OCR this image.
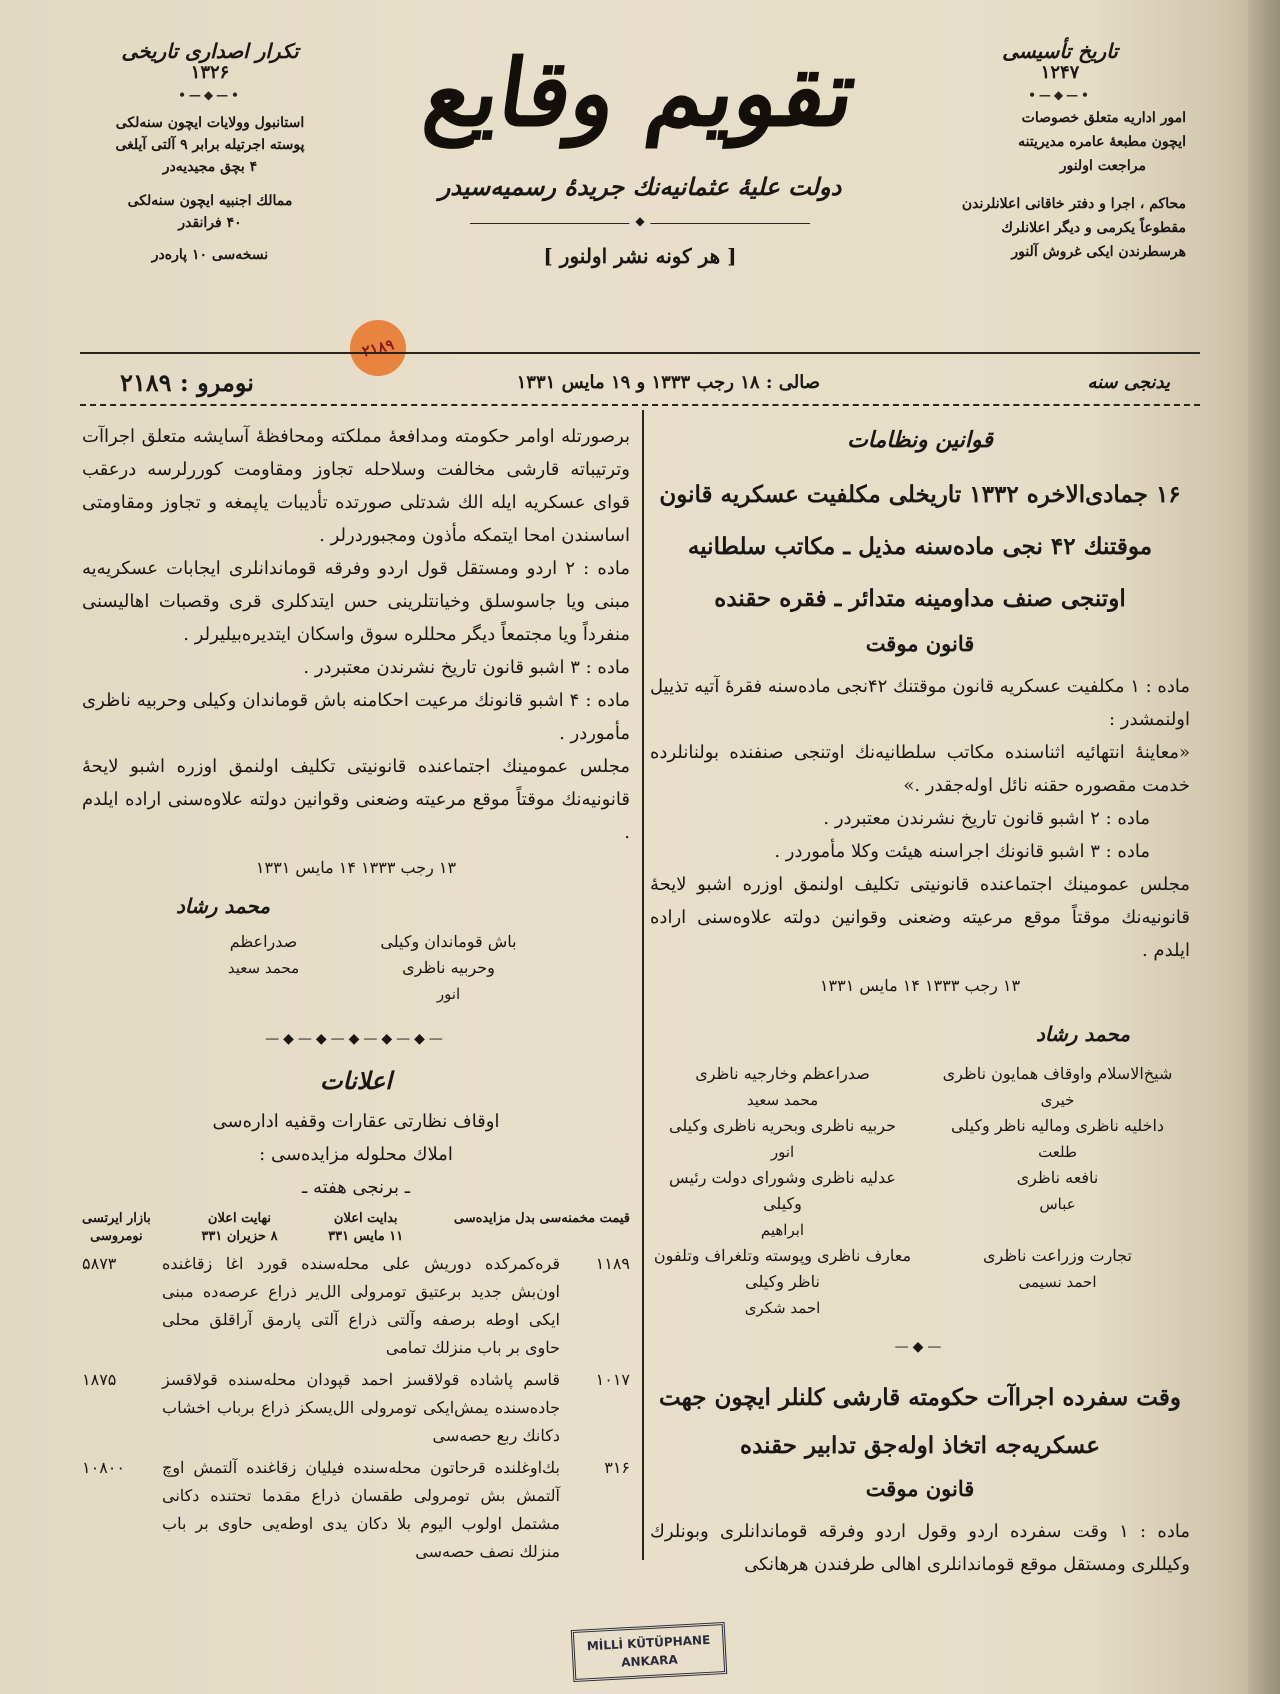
تاریخ تأسیسی
۱۲۴۷
•—◆—•
امور اداریه متعلق خصوصات
ایچون مطبعهٔ عامره مدیریتنه
مراجعت اولنور
محاکم ، اجرا و دفتر خاقانی اعلانلرندن
مقطوعاً یکرمی و دیگر اعلانلرك
هرسطرندن ایکی غروش آلنور
تقویم وقایع
دولت علیهٔ عثمانیه‌نك جریدهٔ رسمیه‌سیدر
◆
[ هر کونه نشر اولنور ]
تکرار اصداری تاریخی
۱۳۲۶
•—◆—•
استانبول وولایات ایچون سنه‌لکی
پوسته اجرتیله برابر ۹ آلتی آیلغی
۴ بچق مجیدیه‌در
ممالك اجنبیه ایچون سنه‌لکی
۴۰ فرانقدر
نسخه‌سی ۱۰ پاره‌در
۲۱۸۹
یدنجی سنه
صالی : ۱۸ رجب ۱۳۳۳ و ۱۹ مایس ۱۳۳۱
نومرو : ۲۱۸۹
قوانین ونظامات
۱۶ جمادی‌الاخره ۱۳۳۲ تاریخلی مکلفیت عسکریه قانون
موقتنك ۴۲ نجی ماده‌سنه مذیل ـ مکاتب سلطانیه
اوتنجی صنف مداومینه متدائر ـ فقره حقنده
قانون موقت

ماده : ۱ مکلفیت عسکریه قانون موقتنك ۴۲نجی ماده‌سنه فقرهٔ آتیه تذییل اولنمشدر :

«معاینهٔ انتهائیه اثناسنده مکاتب سلطانیه‌نك اوتنجی صنفنده بولنانلرده خدمت مقصوره حقنه نائل اوله‌جقدر .»

ماده : ۲ اشبو قانون تاریخ نشرندن معتبردر .

ماده : ۳ اشبو قانونك اجراسنه هیئت وکلا مأموردر .

مجلس عمومینك اجتماعنده قانونیتی تکلیف اولنمق اوزره اشبو لایحهٔ قانونیه‌نك موقتاً موقع مرعیته وضعنی وقوانین دولته علاوه‌سنی اراده ایلدم .

۱۳ رجب ۱۳۳۳ ۱۴ مایس ۱۳۳۱
محمد رشاد
شیخ‌الاسلام واوقاف همایون ناظری
خیری
صدراعظم وخارجیه ناظری
محمد سعید
داخلیه ناظری ومالیه ناظر وکیلی
طلعت
حربیه ناظری وبحریه ناظری وکیلی
انور
نافعه ناظری
عباس
عدلیه ناظری وشورای دولت رئیس وکیلی
ابراهیم
تجارت وزراعت ناظری
احمد نسیمی
معارف ناظری وپوسته وتلغراف وتلفون ناظر وکیلی
احمد شکری
—◆—
وقت سفرده اجراآت حکومته قارشی کلنلر ایچون جهت
عسکریه‌جه اتخاذ اوله‌جق تدابیر حقنده
قانون موقت

ماده : ۱ وقت سفرده اردو وقول اردو وفرقه قوماندانلری وبونلرك وکیللری ومستقل موقع قوماندانلری اهالی طرفندن هرهانکی

برصورتله اوامر حکومته ومدافعهٔ مملکته ومحافظهٔ آسایشه متعلق اجراآت وترتیباته قارشی مخالفت وسلاحله تجاوز ومقاومت کوررلرسه درعقب قوای عسکریه ایله الك شدتلی صورتده تأدیبات یاپمغه و تجاوز ومقاومتی اساسندن امحا ایتمکه مأذون ومجبوردرلر .

ماده : ۲ اردو ومستقل قول اردو وفرقه قوماندانلری ایجابات عسکریه‌یه مبنی ویا جاسوسلق وخیانتلرینی حس ایتدکلری قری وقصبات اهالیسنی منفرداً ویا مجتمعاً دیگر محللره سوق واسکان ایتدیره‌بیلیرلر .

ماده : ۳ اشبو قانون تاریخ نشرندن معتبردر .

ماده : ۴ اشبو قانونك مرعیت احکامنه باش قوماندان وکیلی وحربیه ناظری مأموردر .

مجلس عمومینك اجتماعنده قانونیتی تکلیف اولنمق اوزره اشبو لایحهٔ قانونیه‌نك موقتاً موقع مرعیته وضعنی وقوانین دولته علاوه‌سنی اراده ایلدم .

۱۳ رجب ۱۳۳۳ ۱۴ مایس ۱۳۳۱
محمد رشاد
باش قوماندان وکیلی وحربیه ناظری
انور
صدراعظم
محمد سعید
—◆—◆—◆—◆—◆—
اعلانات
اوقاف نظارتی عقارات وقفیه اداره‌سی
املاك محلوله مزایده‌سی :
ـ برنجی هفته ـ
قیمت مخمنه‌سی بدل مزایده‌سی
بدایت اعلان
۱۱ مایس ۳۳۱
نهایت اعلان
۸ حزیران ۳۳۱
بازار ایرتسی
نومروسی
۱۱۸۹
قره‌کمرکده دوریش علی محله‌سنده قورد اغا زقاغنده اون‌بش جدید برعتیق تومرولی الل‌یر ذراع عرصه‌ده مبنی ایکی اوطه برصفه وآلتی ذراع آلتی پارمق آراقلق محلی حاوی بر باب منزلك تمامی
۵۸۷۳
۱۰۱۷
قاسم پاشاده قولاقسز احمد قپودان محله‌سنده قولاقسز جاده‌سنده یمش‌ایکی تومرولی الل‌یسکز ذراع برباب اخشاب دکانك ربع حصه‌سی
۱۸۷۵
۳۱۶
بك‌اوغلنده قرحاتون محله‌سنده فیلیان زقاغنده آلتمش اوچ آلتمش بش تومرولی طقسان ذراع مقدما تحتنده دکانی مشتمل اولوب الیوم بلا دکان یدی اوطه‌یی حاوی بر باب منزلك نصف حصه‌سی
۱۰۸۰۰
MİLLİ KÜTÜPHANE
ANKARA
